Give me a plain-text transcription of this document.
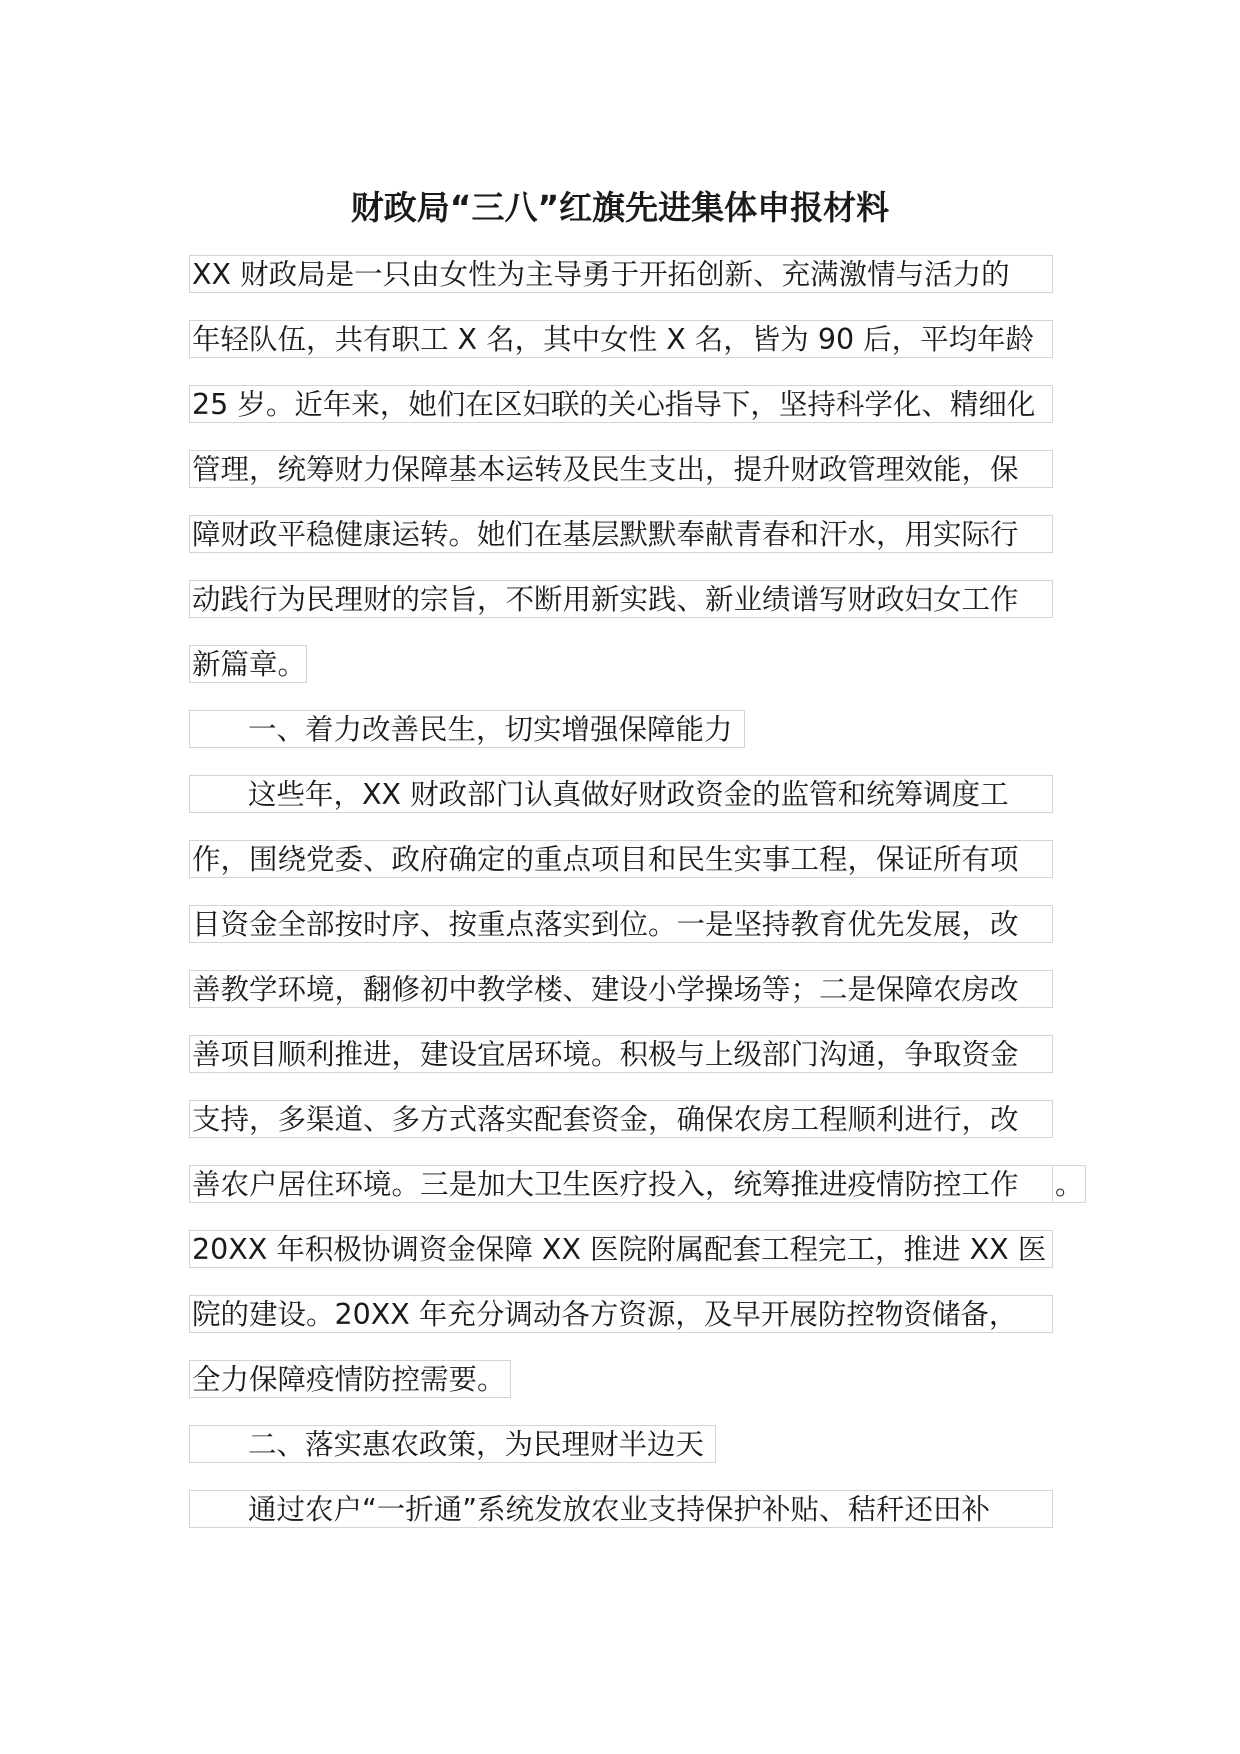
财政局“三八”红旗先进集体申报材料
XX 财政局是一只由女性为主导勇于开拓创新、充满激情与活力的
年轻队伍，共有职工 X 名，其中女性 X 名，皆为 90 后，平均年龄
25 岁。近年来，她们在区妇联的关心指导下，坚持科学化、精细化
管理，统筹财力保障基本运转及民生支出，提升财政管理效能，保
障财政平稳健康运转。她们在基层默默奉献青春和汗水，用实际行
动践行为民理财的宗旨，不断用新实践、新业绩谱写财政妇女工作
新篇章。
一、着力改善民生，切实增强保障能力
这些年，XX 财政部门认真做好财政资金的监管和统筹调度工
作，围绕党委、政府确定的重点项目和民生实事工程，保证所有项
目资金全部按时序、按重点落实到位。一是坚持教育优先发展，改
善教学环境，翻修初中教学楼、建设小学操场等；二是保障农房改
善项目顺利推进，建设宜居环境。积极与上级部门沟通，争取资金
支持，多渠道、多方式落实配套资金，确保农房工程顺利进行，改
善农户居住环境。三是加大卫生医疗投入，统筹推进疫情防控工作	。
20XX 年积极协调资金保障 XX 医院附属配套工程完工，推进 XX 医
院的建设。20XX 年充分调动各方资源，及早开展防控物资储备，
全力保障疫情防控需要。
二、落实惠农政策，为民理财半边天
通过农户“一折通”系统发放农业支持保护补贴、秸秆还田补
